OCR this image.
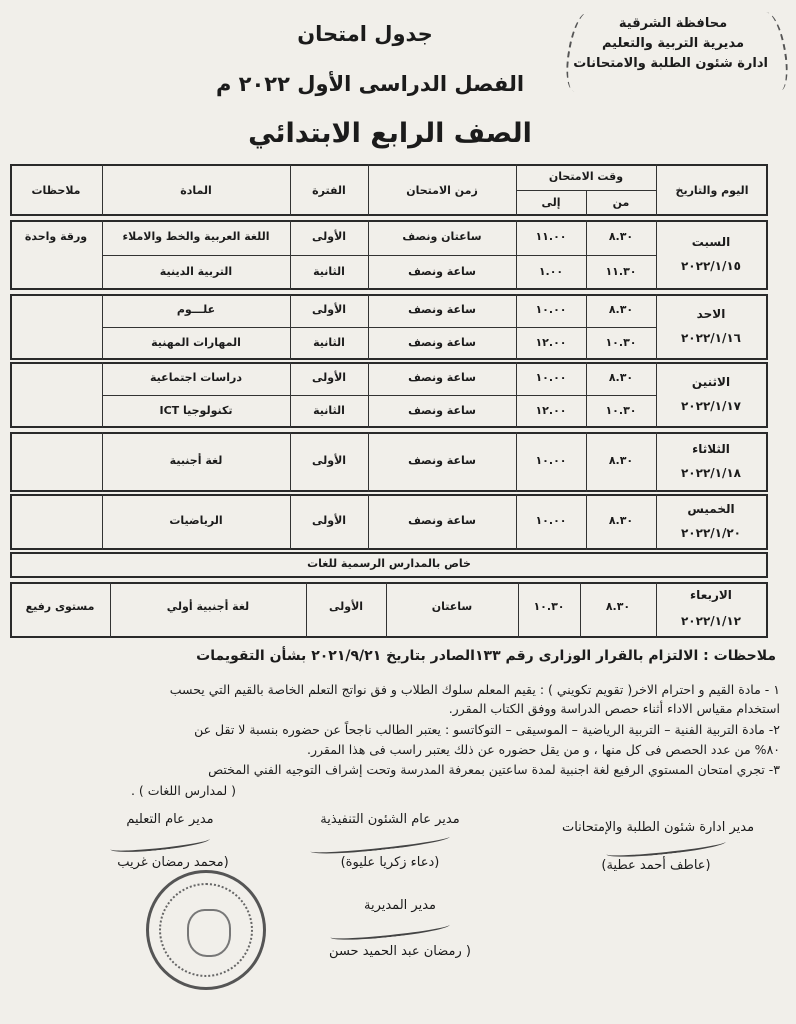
محافظة الشرقية
مديرية التربية والتعليم
ادارة شئون الطلبة والامتحانات
جدول امتحان
الفصل الدراسى الأول ٢٠٢٢ م
الصف الرابع الابتدائي
اليوم والتاريخ
وقت الامتحان
من
إلى
زمن الامتحان
الفترة
المادة
ملاحظات
السبت
٢٠٢٢/١/١٥
٨.٣٠
١١.٠٠
ساعتان ونصف
الأولى
اللغة العربية والخط والاملاء
ورقة واحدة
١١.٣٠
١.٠٠
ساعة ونصف
الثانية
التربية الدينية
الاحد
٢٠٢٢/١/١٦
٨.٣٠
١٠.٠٠
ساعة ونصف
الأولى
علـــوم
١٠.٣٠
١٢.٠٠
ساعة ونصف
الثانية
المهارات المهنية
الاثنين
٢٠٢٢/١/١٧
٨.٣٠
١٠.٠٠
ساعة ونصف
الأولى
دراسات اجتماعية
١٠.٣٠
١٢.٠٠
ساعة ونصف
الثانية
تكنولوجيا ICT
الثلاثاء
٢٠٢٢/١/١٨
٨.٣٠
١٠.٠٠
ساعة ونصف
الأولى
لغة أجنبية
الخميس
٢٠٢٢/١/٢٠
٨.٣٠
١٠.٠٠
ساعة ونصف
الأولى
الرياضيات
خاص بالمدارس الرسمية للغات
الاربعاء
٢٠٢٢/١/١٢
٨.٣٠
١٠.٣٠
ساعتان
الأولى
لغة أجنبية أولي
مستوى رفيع
ملاحظات : الالتزام بالقرار الوزارى رقم ١٣٣الصادر بتاريخ ٢٠٢١/٩/٢١ بشأن التقويمات
١ - مادة القيم و احترام الاخر( تقويم تكويني ) : يقيم المعلم سلوك الطلاب و فق نواتج التعلم الخاصة بالقيم التي يحسب
استخدام مقياس الاداء أثناء حصص الدراسة ووفق الكتاب المقرر.
٢- مادة التربية الفنية – التربية الرياضية – الموسيقى – التوكاتسو : يعتبر الطالب ناجحاً عن حضوره بنسبة لا تقل عن
٨٠% من عدد الحصص فى كل منها ، و من يقل حضوره عن ذلك يعتبر راسب فى هذا المقرر.
٣- تجري امتحان المستوي الرفيع لغة اجنبية لمدة ساعتين بمعرفة المدرسة وتحت إشراف التوجيه الفني المختص
( لمدارس اللغات ) .
مدير ادارة شئون الطلبة والإمتحانات
(عاطف أحمد عطية)
مدير عام الشئون التنفيذية
(دعاء زكريا عليوة)
مدير عام التعليم
(محمد رمضان غريب
مدير المديرية
( رمضان عبد الحميد حسن
